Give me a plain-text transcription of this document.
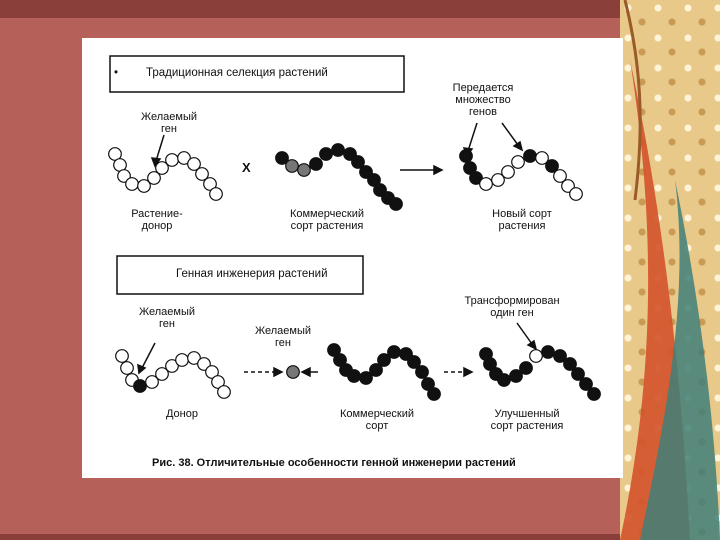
• Традиционная селекция растений
Желаемый
ген
X
Передается
множество
генов
Растение-
донор
Коммерческий
сорт растения
Новый сорт
растения
Генная инженерия растений
Желаемый
ген
Желаемый
ген
Трансформирован
один ген
Донор	Коммерческий
сорт
Улучшенный
сорт растения
Рис. 38. Отличительные особенности генной инженерии растений
